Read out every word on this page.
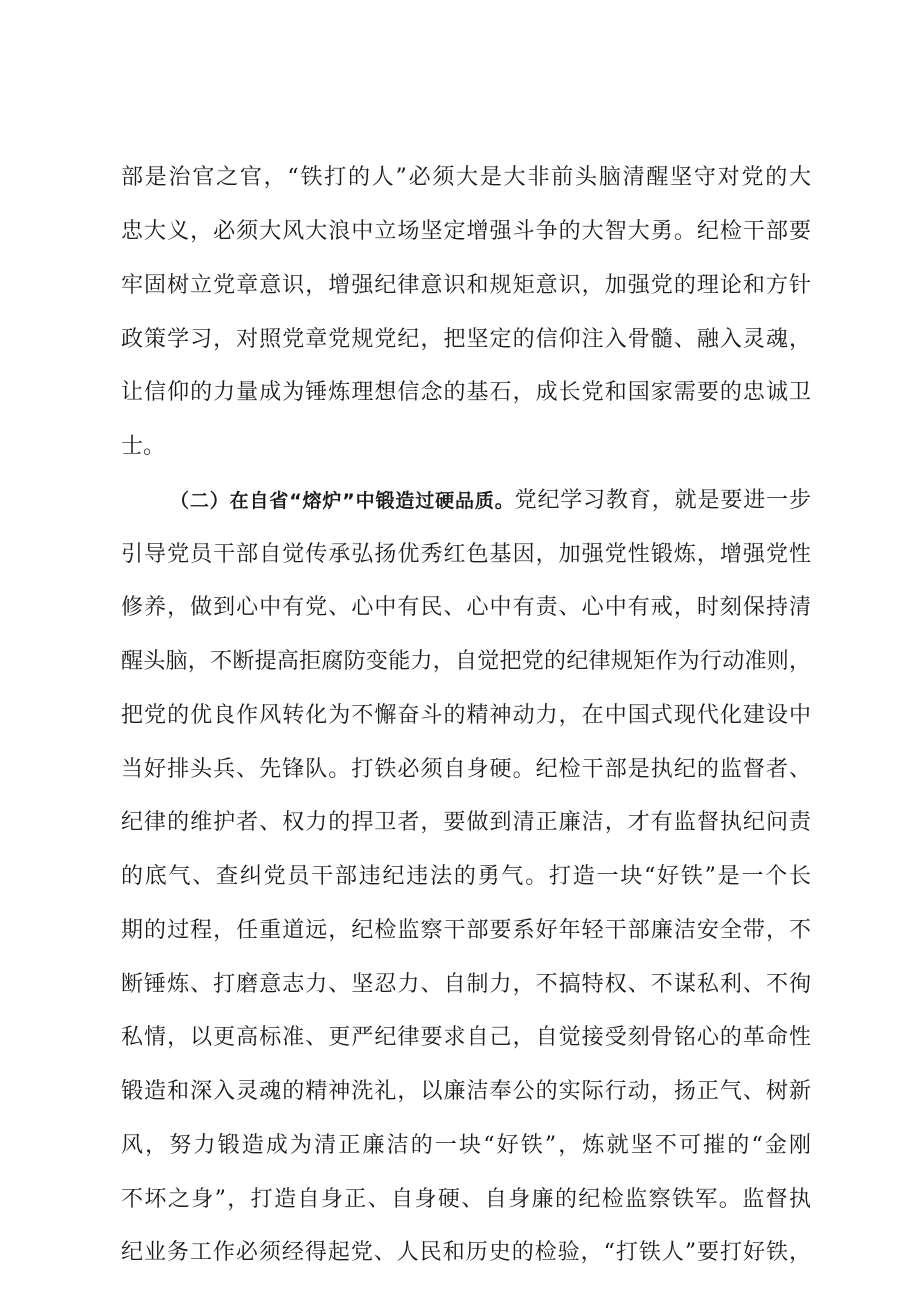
部是治官之官，“铁打的人”必须大是大非前头脑清醒坚守对党的大
忠大义，必须大风大浪中立场坚定增强斗争的大智大勇。纪检干部要
牢固树立党章意识，增强纪律意识和规矩意识，加强党的理论和方针
政策学习，对照党章党规党纪，把坚定的信仰注入骨髓、融入灵魂，
让信仰的力量成为锤炼理想信念的基石，成长党和国家需要的忠诚卫
士。
（二）在自省“熔炉”中锻造过硬品质。党纪学习教育，就是要进一步
引导党员干部自觉传承弘扬优秀红色基因，加强党性锻炼，增强党性
修养，做到心中有党、心中有民、心中有责、心中有戒，时刻保持清
醒头脑，不断提高拒腐防变能力，自觉把党的纪律规矩作为行动准则，
把党的优良作风转化为不懈奋斗的精神动力，在中国式现代化建设中
当好排头兵、先锋队。打铁必须自身硬。纪检干部是执纪的监督者、
纪律的维护者、权力的捍卫者，要做到清正廉洁，才有监督执纪问责
的底气、查纠党员干部违纪违法的勇气。打造一块“好铁”是一个长
期的过程，任重道远，纪检监察干部要系好年轻干部廉洁安全带，不
断锤炼、打磨意志力、坚忍力、自制力，不搞特权、不谋私利、不徇
私情，以更高标准、更严纪律要求自己，自觉接受刻骨铭心的革命性
锻造和深入灵魂的精神洗礼，以廉洁奉公的实际行动，扬正气、树新
风，努力锻造成为清正廉洁的一块“好铁”，炼就坚不可摧的“金刚
不坏之身”，打造自身正、自身硬、自身廉的纪检监察铁军。监督执
纪业务工作必须经得起党、人民和历史的检验，“打铁人”要打好铁，
